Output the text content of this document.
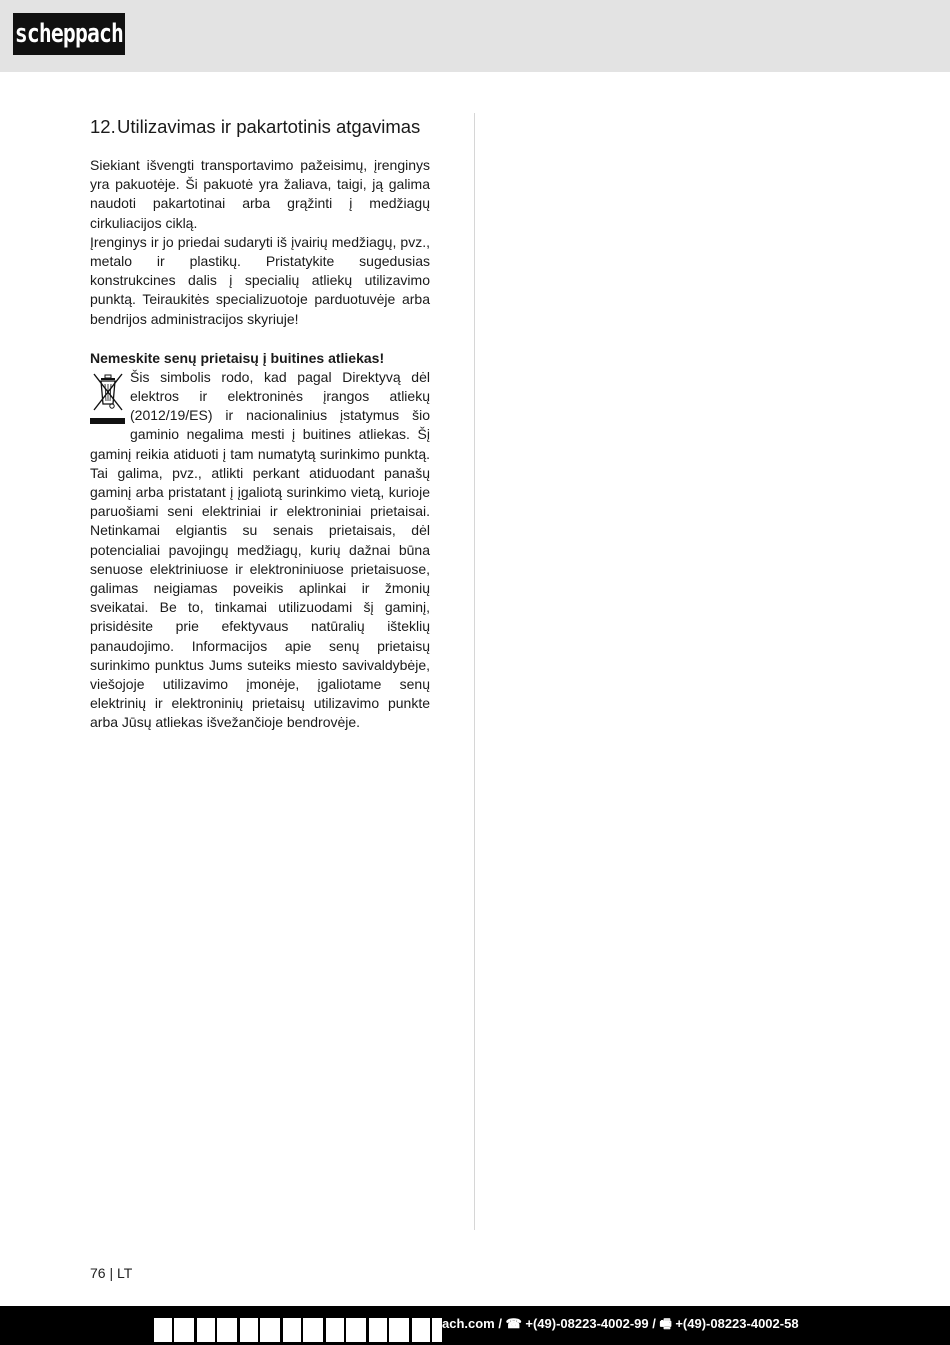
scheppach
12. Utilizavimas ir pakartotinis atgavimas

Siekiant išvengti transportavimo pažeisimų, įrenginys yra pakuotėje. Ši pakuotė yra žaliava, taigi, ją galima naudoti pakartotinai arba grąžinti į medžiagų cirkuliacijos ciklą.

Įrenginys ir jo priedai sudaryti iš įvairių medžiagų, pvz., metalo ir plastikų. Pristatykite sugedusias konstrukcines dalis į specialių atliekų utilizavimo punktą. Teiraukitės specializuotoje parduotuvėje arba bendrijos administracijos skyriuje!

Nemeskite senų prietaisų į buitines atliekas!

Šis simbolis rodo, kad pagal Direktyvą dėl elektros ir elektroninės įrangos atliekų (2012/19/ES) ir nacionalinius įstatymus šio gaminio negalima mesti į buitines atliekas. Šį gaminį reikia atiduoti į tam numatytą surinkimo punktą. Tai galima, pvz., atlikti perkant atiduodant panašų gaminį arba pristatant į įgaliotą surinkimo vietą, kurioje paruošiami seni elektriniai ir elektroniniai prietaisai. Netinkamai elgiantis su senais prietaisais, dėl potencialiai pavojingų medžiagų, kurių dažnai būna senuose elektriniuose ir elektroniniuose prietaisuose, galimas neigiamas poveikis aplinkai ir žmonių sveikatai. Be to, tinkamai utilizuodami šį gaminį, prisidėsite prie efektyvaus natūralių išteklių panaudojimo. Informacijos apie senų prietaisų surinkimo punktus Jums suteiks miesto savivaldybėje, viešojoje utilizavimo įmonėje, įgaliotame senų elektrinių ir elektroninių prietaisų utilizavimo punkte arba Jūsų atliekas išvežančioje bendrovėje.

76 | LT
ach.com / ☎ +(49)-08223-4002-99 / 🖷 +(49)-08223-4002-58
